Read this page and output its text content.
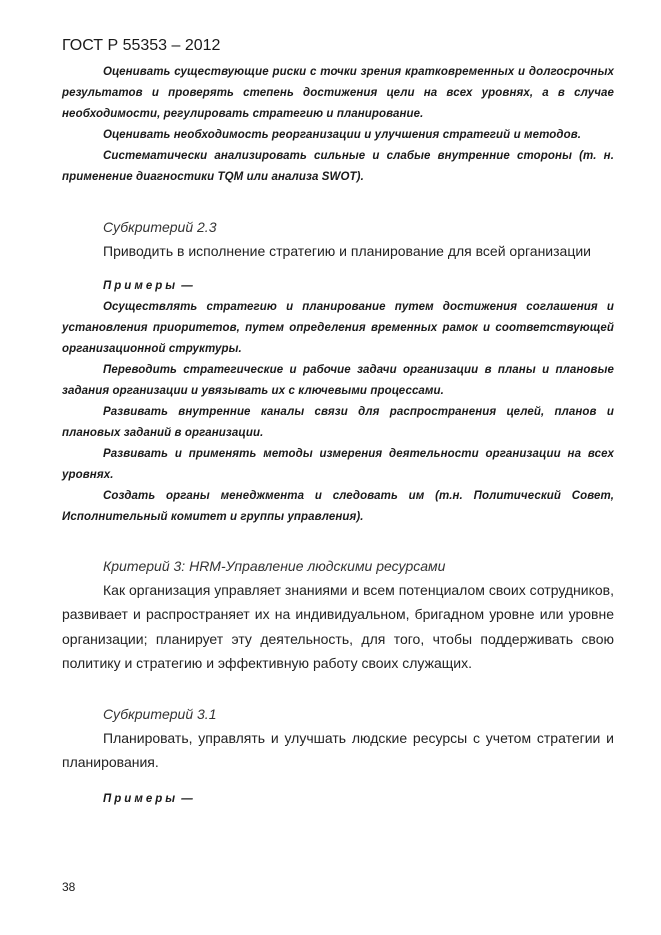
ГОСТ Р 55353 – 2012

Оценивать существующие риски с точки зрения кратковременных и долгосрочных результатов и проверять степень достижения цели на всех уровнях, а в случае необходимости, регулировать стратегию и планирование.

Оценивать необходимость реорганизации и улучшения стратегий и методов.

Систематически анализировать сильные и слабые внутренние стороны (т. н. применение диагностики TQM или анализа SWOT).

Субкритерий 2.3

Приводить в исполнение стратегию и планирование для всей организации

Примеры —

Осуществлять стратегию и планирование путем достижения соглашения и установления приоритетов, путем определения временных рамок и соответствующей организационной структуры.

Переводить стратегические и рабочие задачи организации в планы и плановые задания организации и увязывать их с ключевыми процессами.

Развивать внутренние каналы связи для распространения целей, планов и плановых заданий в организации.

Развивать и применять методы измерения деятельности организации на всех уровнях.

Создать органы менеджмента и следовать им (т.н. Политический Совет, Исполнительный комитет и группы управления).

Критерий 3: HRM-Управление людскими ресурсами

Как организация управляет знаниями и всем потенциалом своих сотрудников, развивает и распространяет их на индивидуальном, бригадном уровне или уровне организации; планирует эту деятельность, для того, чтобы поддерживать свою политику и стратегию и эффективную работу своих служащих.

Субкритерий 3.1

Планировать, управлять и улучшать людские ресурсы с учетом стратегии и планирования.

Примеры —

38
